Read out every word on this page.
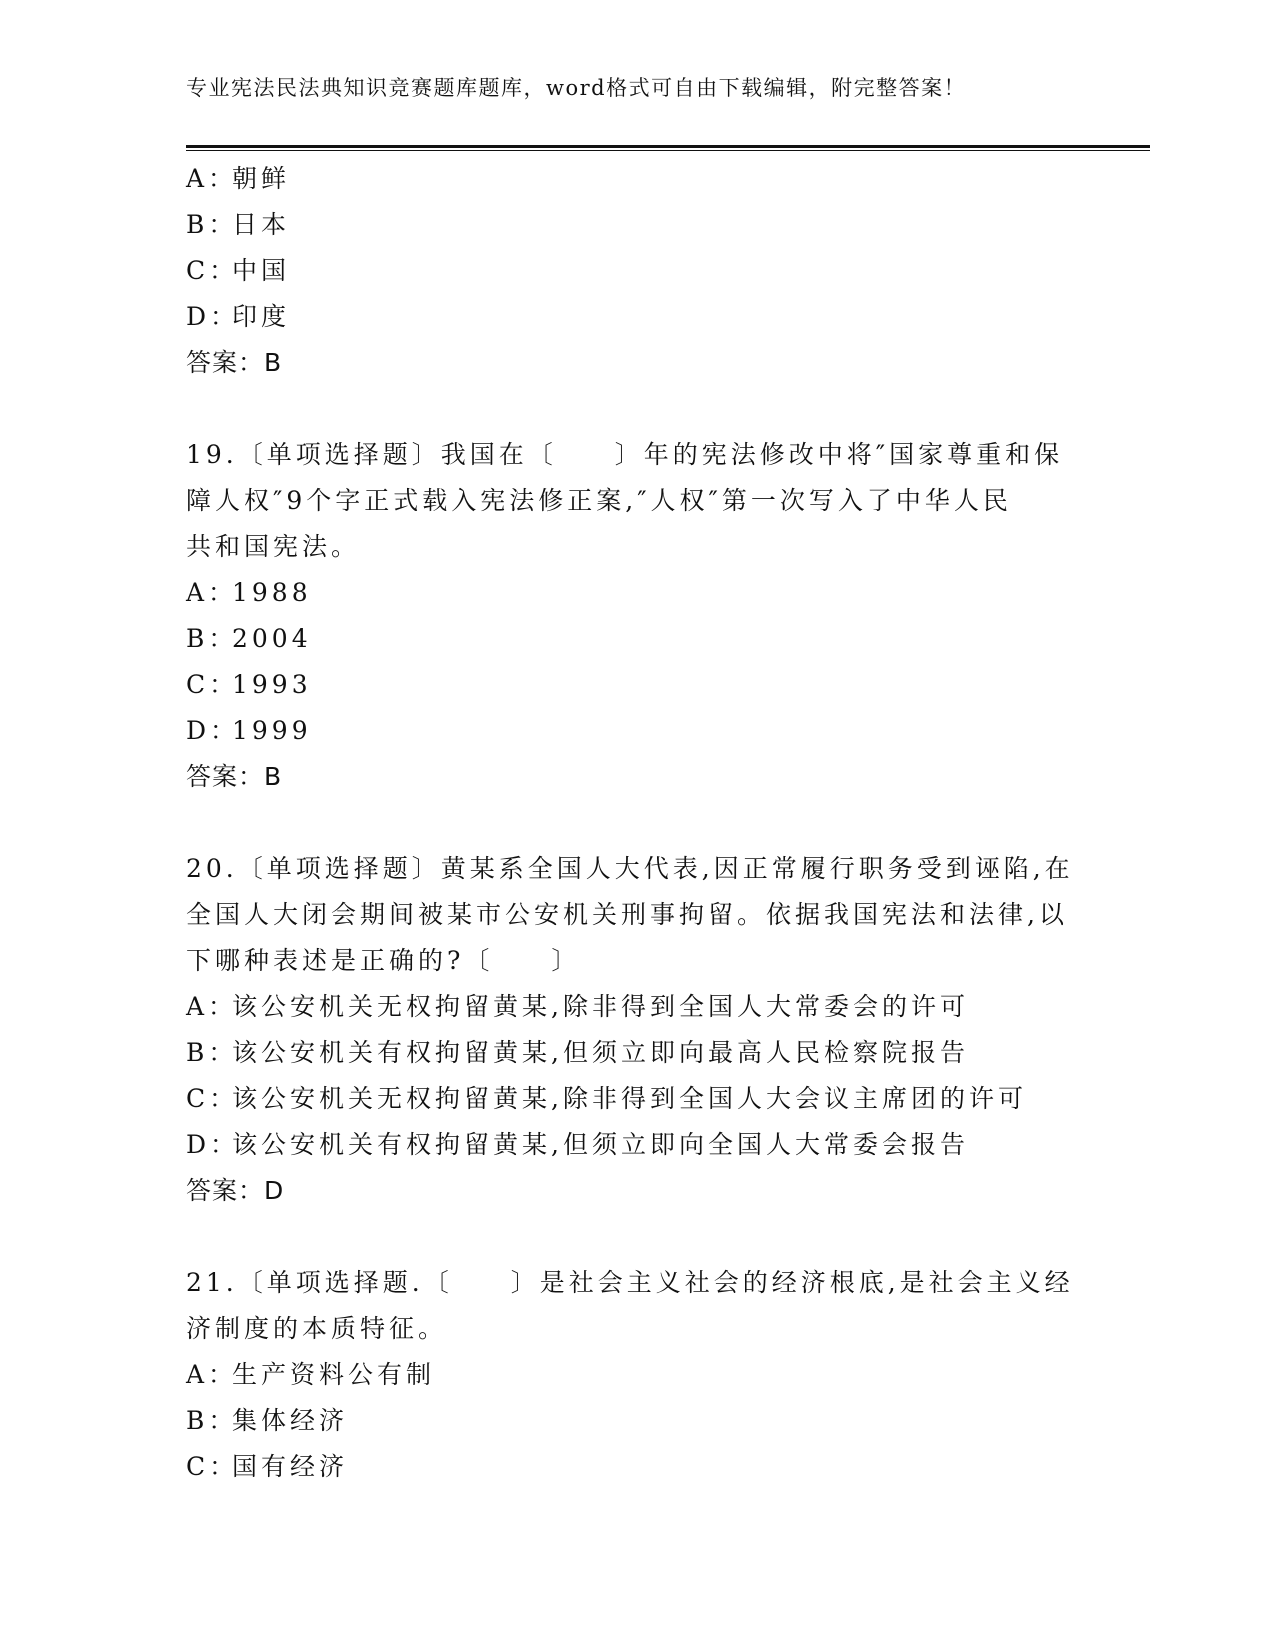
专业宪法民法典知识竞赛题库题库，word格式可自由下载编辑，附完整答案！
A：朝鲜
B：日本
C：中国
D：印度
答案：B
19.〔单项选择题〕我国在〔　　〕年的宪法修改中将″国家尊重和保
障人权″9个字正式载入宪法修正案,″人权″第一次写入了中华人民
共和国宪法。
A：1988
B：2004
C：1993
D：1999
答案：B
20.〔单项选择题〕黄某系全国人大代表,因正常履行职务受到诬陷,在
全国人大闭会期间被某市公安机关刑事拘留。依据我国宪法和法律,以
下哪种表述是正确的?〔　　〕
A：该公安机关无权拘留黄某,除非得到全国人大常委会的许可
B：该公安机关有权拘留黄某,但须立即向最高人民检察院报告
C：该公安机关无权拘留黄某,除非得到全国人大会议主席团的许可
D：该公安机关有权拘留黄某,但须立即向全国人大常委会报告
答案：D
21.〔单项选择题.〔　　〕是社会主义社会的经济根底,是社会主义经
济制度的本质特征。
A：生产资料公有制
B：集体经济
C：国有经济
